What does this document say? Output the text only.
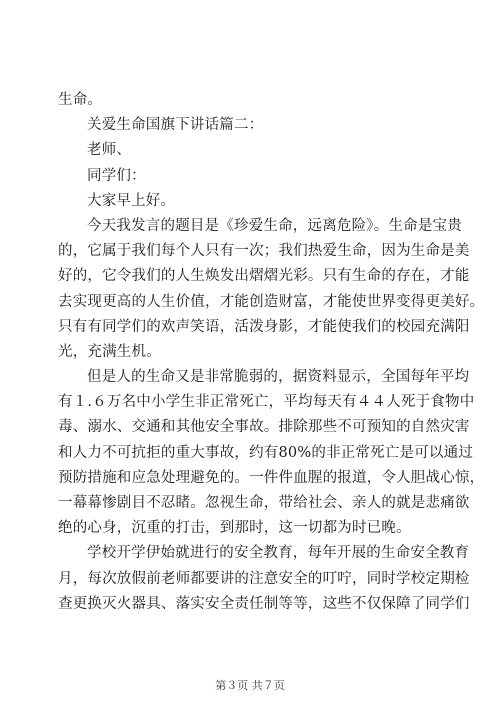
生命。
关爱生命国旗下讲话篇二：
老师、
同学们：
大家早上好。
今天我发言的题目是《珍爱生命，远离危险》。生命是宝贵
的，它属于我们每个人只有一次；我们热爱生命，因为生命是美
好的，它令我们的人生焕发出熠熠光彩。只有生命的存在，才能
去实现更高的人生价值，才能创造财富，才能使世界变得更美好。
只有有同学们的欢声笑语，活泼身影，才能使我们的校园充满阳
光，充满生机。
但是人的生命又是非常脆弱的，据资料显示，全国每年平均
有１.６万名中小学生非正常死亡，平均每天有４４人死于食物中
毒、溺水、交通和其他安全事故。排除那些不可预知的自然灾害
和人力不可抗拒的重大事故，约有80%的非正常死亡是可以通过
预防措施和应急处理避免的。一件件血腥的报道，令人胆战心惊，
一幕幕惨剧目不忍睹。忽视生命，带给社会、亲人的就是悲痛欲
绝的心身，沉重的打击，到那时，这一切都为时已晚。
学校开学伊始就进行的安全教育，每年开展的生命安全教育
月，每次放假前老师都要讲的注意安全的叮咛，同时学校定期检
查更换灭火器具、落实安全责任制等等，这些不仅保障了同学们
第３页 共７页
